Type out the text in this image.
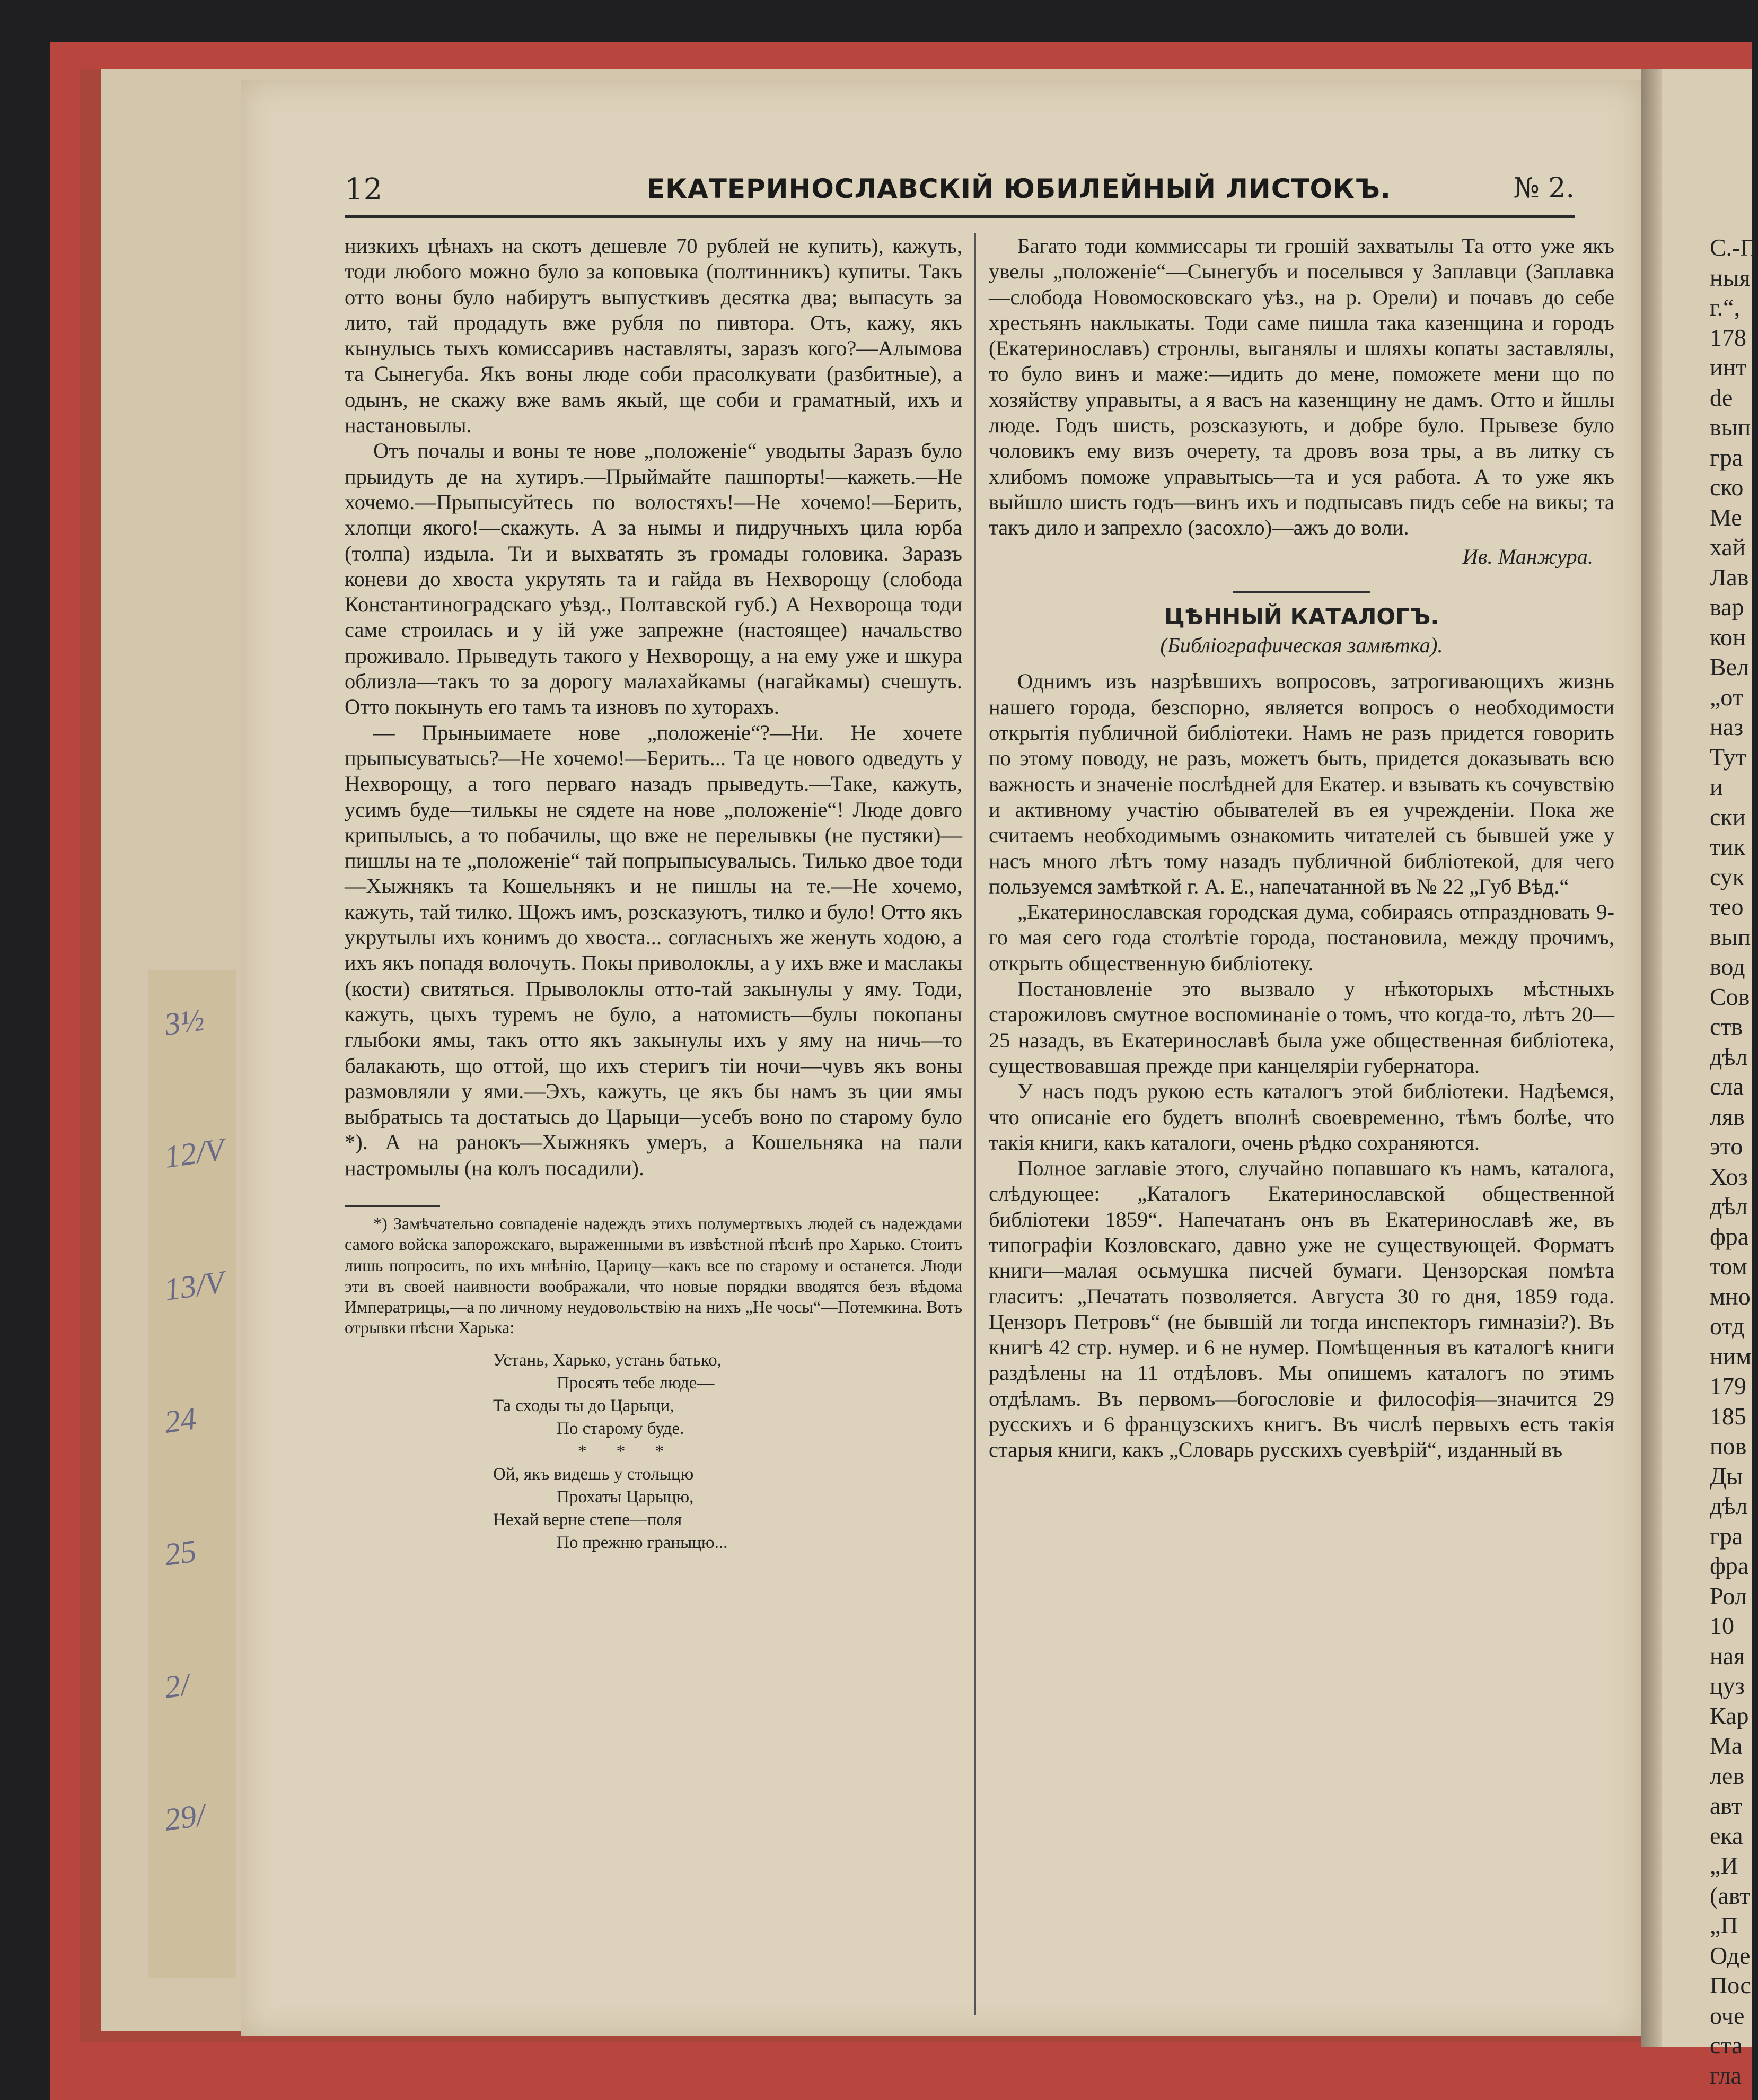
3½
12/V
13/V
24
25
2/
29/
С.-П
ныя
г.“,
178
инт
de
вып
гра
ско
Ме
хай
Лав
вар
кон
Вел
„от
наз
Тут
и
ски
тик
сук
тео
вып
вод
Сов
ств
дѣл
сла
ляв
это
Хоз
дѣл
фра
том
мно
отд
ним
179
185
пов
Ды
дѣл
гра
фра
Рол
10
ная
цуз
Кар
Ма
лев
авт
ека
„И
(авт
„П
Оде
Пос
оче
ста
гла
12	ЕКАТЕРИНОСЛАВСКІЙ ЮБИЛЕЙНЫЙ ЛИСТОКЪ.	№ 2.

низкихъ цѣнахъ на скотъ дешевле 70 рублей не купить), кажуть, тоди любого можно було за коповыка (полтинникъ) купиты. Такъ отто воны було набирутъ выпусткивъ десятка два; выпасуть за лито, тай продадуть вже рубля по пивтора. Отъ, кажу, якъ кынулысь тыхъ комисcаривъ наставляты, заразъ кого?—Алымова та Сынегуба. Якъ воны люде соби прасолкувати (разбитные), а одынъ, не скажу вже вамъ якый, ще соби и граматный, ихъ и настановылы.

Отъ почалы и воны те нове „положеніе“ уводыты Заразъ було прыидуть де на хутиръ.—Прыймайте пашпорты!—кажеть.—Не хочемо.—Прыпысуйтесь по волостяхъ!—Не хочемо!—Берить, хлопци якого!—скажуть. А за нымы и пидручныхъ цила юрба (толпа) издыла. Ти и выхватять зъ громады головика. Заразъ коневи до хвоста укрутять та и гайда въ Нехворощу (слобода Константиноградскаго уѣзд., Полтавской губ.) А Нехвороща тоди саме строилась и у ій уже запрежне (настоящее) начальство проживало. Прыведуть такого у Нехворощу, а на ему уже и шкура облизла—такъ то за дорогу малахайкамы (нагайкамы) счешуть. Отто покынуть его тамъ та изновъ по хуторахъ.

— Прыныимаете нове „положеніе“?—Ни. Не хочете прыпысуватысь?—Не хочемо!—Берить... Та це нового одведуть у Нехворощу, а того перваго назадъ прыведуть.—Таке, кажуть, усимъ буде—тилькы не сядете на нове „положеніе“! Люде довго крипылысь, а то побачилы, що вже не перелывкы (не пустяки)—пишлы на те „положеніе“ тай попрыпысувалысь. Тилько двое тоди—Хыжнякъ та Кошельнякъ и не пишлы на те.—Не хочемо, кажуть, тай тилко. Щожъ имъ, розсказуютъ, тилко и було! Отто якъ укрутылы ихъ конимъ до хвоста... согласныхъ же женуть ходою, а ихъ якъ попадя волочуть. Покы приволоклы, а у ихъ вже и маслакы (кости) свитяться. Прыволоклы отто-тай закынулы у яму. Тоди, кажуть, цыхъ туремъ не було, а натомисть—булы покопаны глыбоки ямы, такъ отто якъ закынулы ихъ у яму на ничь—то балакають, що оттой, що ихъ стеригъ тіи ночи—чувъ якъ воны размовляли у ями.—Эхъ, кажуть, це якъ бы намъ зъ ции ямы выбратысь та достатысь до Царыци—усебъ воно по старому було *). А на ранокъ—Хыжнякъ умеръ, а Кошельняка на пали настромылы (на колъ посадили).

*) Замѣчательно совпаденіе надеждъ этихъ полумертвыхъ людей съ надеждами самого войска запорожскаго, выраженными въ извѣстной пѣснѣ про Харько. Стоитъ лишь попросить, по ихъ мнѣнію, Царицу—какъ все по старому и останется. Люди эти въ своей наивности воображали, что новые порядки вводятся безъ вѣдома Императрицы,—а по личному неудовольствію на нихъ „Не чосы“—Потемкина. Вотъ отрывки пѣсни Харька:

Устань, Харько, устань батько,
Просять тебе люде—
Та сходы ты до Царыци,
По старому буде.
* * *
Ой, якъ видешь у столыцю
Прохаты Царыцю,
Нехай верне степе—поля
По прежню граныцю...

Багато тоди коммиссары ти грошій захватылы Та отто уже якъ увелы „положеніе“—Сынегубъ и поселывся у Заплавци (Заплавка—слобода Новомосковскаго уѣз., на р. Орели) и почавъ до себе хрестьянъ наклыкаты. Тоди саме пишла така казенщина и городъ (Екатеринославъ) стронлы, выганялы и шляхы копаты заставлялы, то було винъ и маже:—идить до мене, поможете мени що по хозяйству управыты, а я васъ на казенщину не дамъ. Отто и йшлы люде. Годъ шисть, розсказують, и добре було. Прывезе було чоловикъ ему визъ очерету, та дровъ воза тры, а въ литку съ хлибомъ поможе управытысь—та и уся работа. А то уже якъ выйшло шисть годъ—винъ ихъ и подпысавъ пидъ себе на викы; та такъ дило и запрехло (засохло)—ажъ до воли.

Ив. Манжура.
ЦѢННЫЙ КАТАЛОГЪ.
(Библіографическая замѣтка).

Однимъ изъ назрѣвшихъ вопросовъ, затрогивающихъ жизнь нашего города, безспорно, является вопросъ о необходимости открытія публичной библіотеки. Намъ не разъ придется говорить по этому поводу, не разъ, можетъ быть, придется доказывать всю важность и значеніе послѣдней для Екатер. и взывать къ сочувствію и активному участію обывателей въ ея учрежденіи. Пока же считаемъ необходимымъ ознакомить читателей съ бывшей уже у насъ много лѣтъ тому назадъ публичной библіотекой, для чего пользуемся замѣткой г. А. Е., напечатанной въ № 22 „Губ Вѣд.“

„Екатеринославская городская дума, собираясь отпраздновать 9-го мая сего года столѣтіе города, постановила, между прочимъ, открыть общественную библіотеку.

Постановленіе это вызвало у нѣкоторыхъ мѣстныхъ старожиловъ смутное воспоминаніе о томъ, что когда-то, лѣтъ 20—25 назадъ, въ Екатеринославѣ была уже общественная библіотека, существовавшая прежде при канцеляріи губернатора.

У насъ подъ рукою есть каталогъ этой библіотеки. Надѣемся, что описаніе его будетъ вполнѣ своевременно, тѣмъ болѣе, что такія книги, какъ каталоги, очень рѣдко сохраняются.

Полное заглавіе этого, случайно попавшаго къ намъ, каталога, слѣдующее: „Каталогъ Екатеринославской общественной библіотеки 1859“. Напечатанъ онъ въ Екатеринославѣ же, въ типографіи Козловскаго, давно уже не существующей. Форматъ книги—малая осьмушка писчей бумаги. Цензорская помѣта гласитъ: „Печатать позволяется. Августа 30 го дня, 1859 года. Цензоръ Петровъ“ (не бывшій ли тогда инспекторъ гимназіи?). Въ книгѣ 42 стр. нумер. и 6 не нумер. Помѣщенныя въ каталогѣ книги раздѣлены на 11 отдѣловъ. Мы опишемъ каталогъ по этимъ отдѣламъ. Въ первомъ—богословіе и философія—значится 29 русскихъ и 6 французскихъ книгъ. Въ числѣ первыхъ есть такія старыя книги, какъ „Словарь русскихъ суевѣрій“, изданный въ
